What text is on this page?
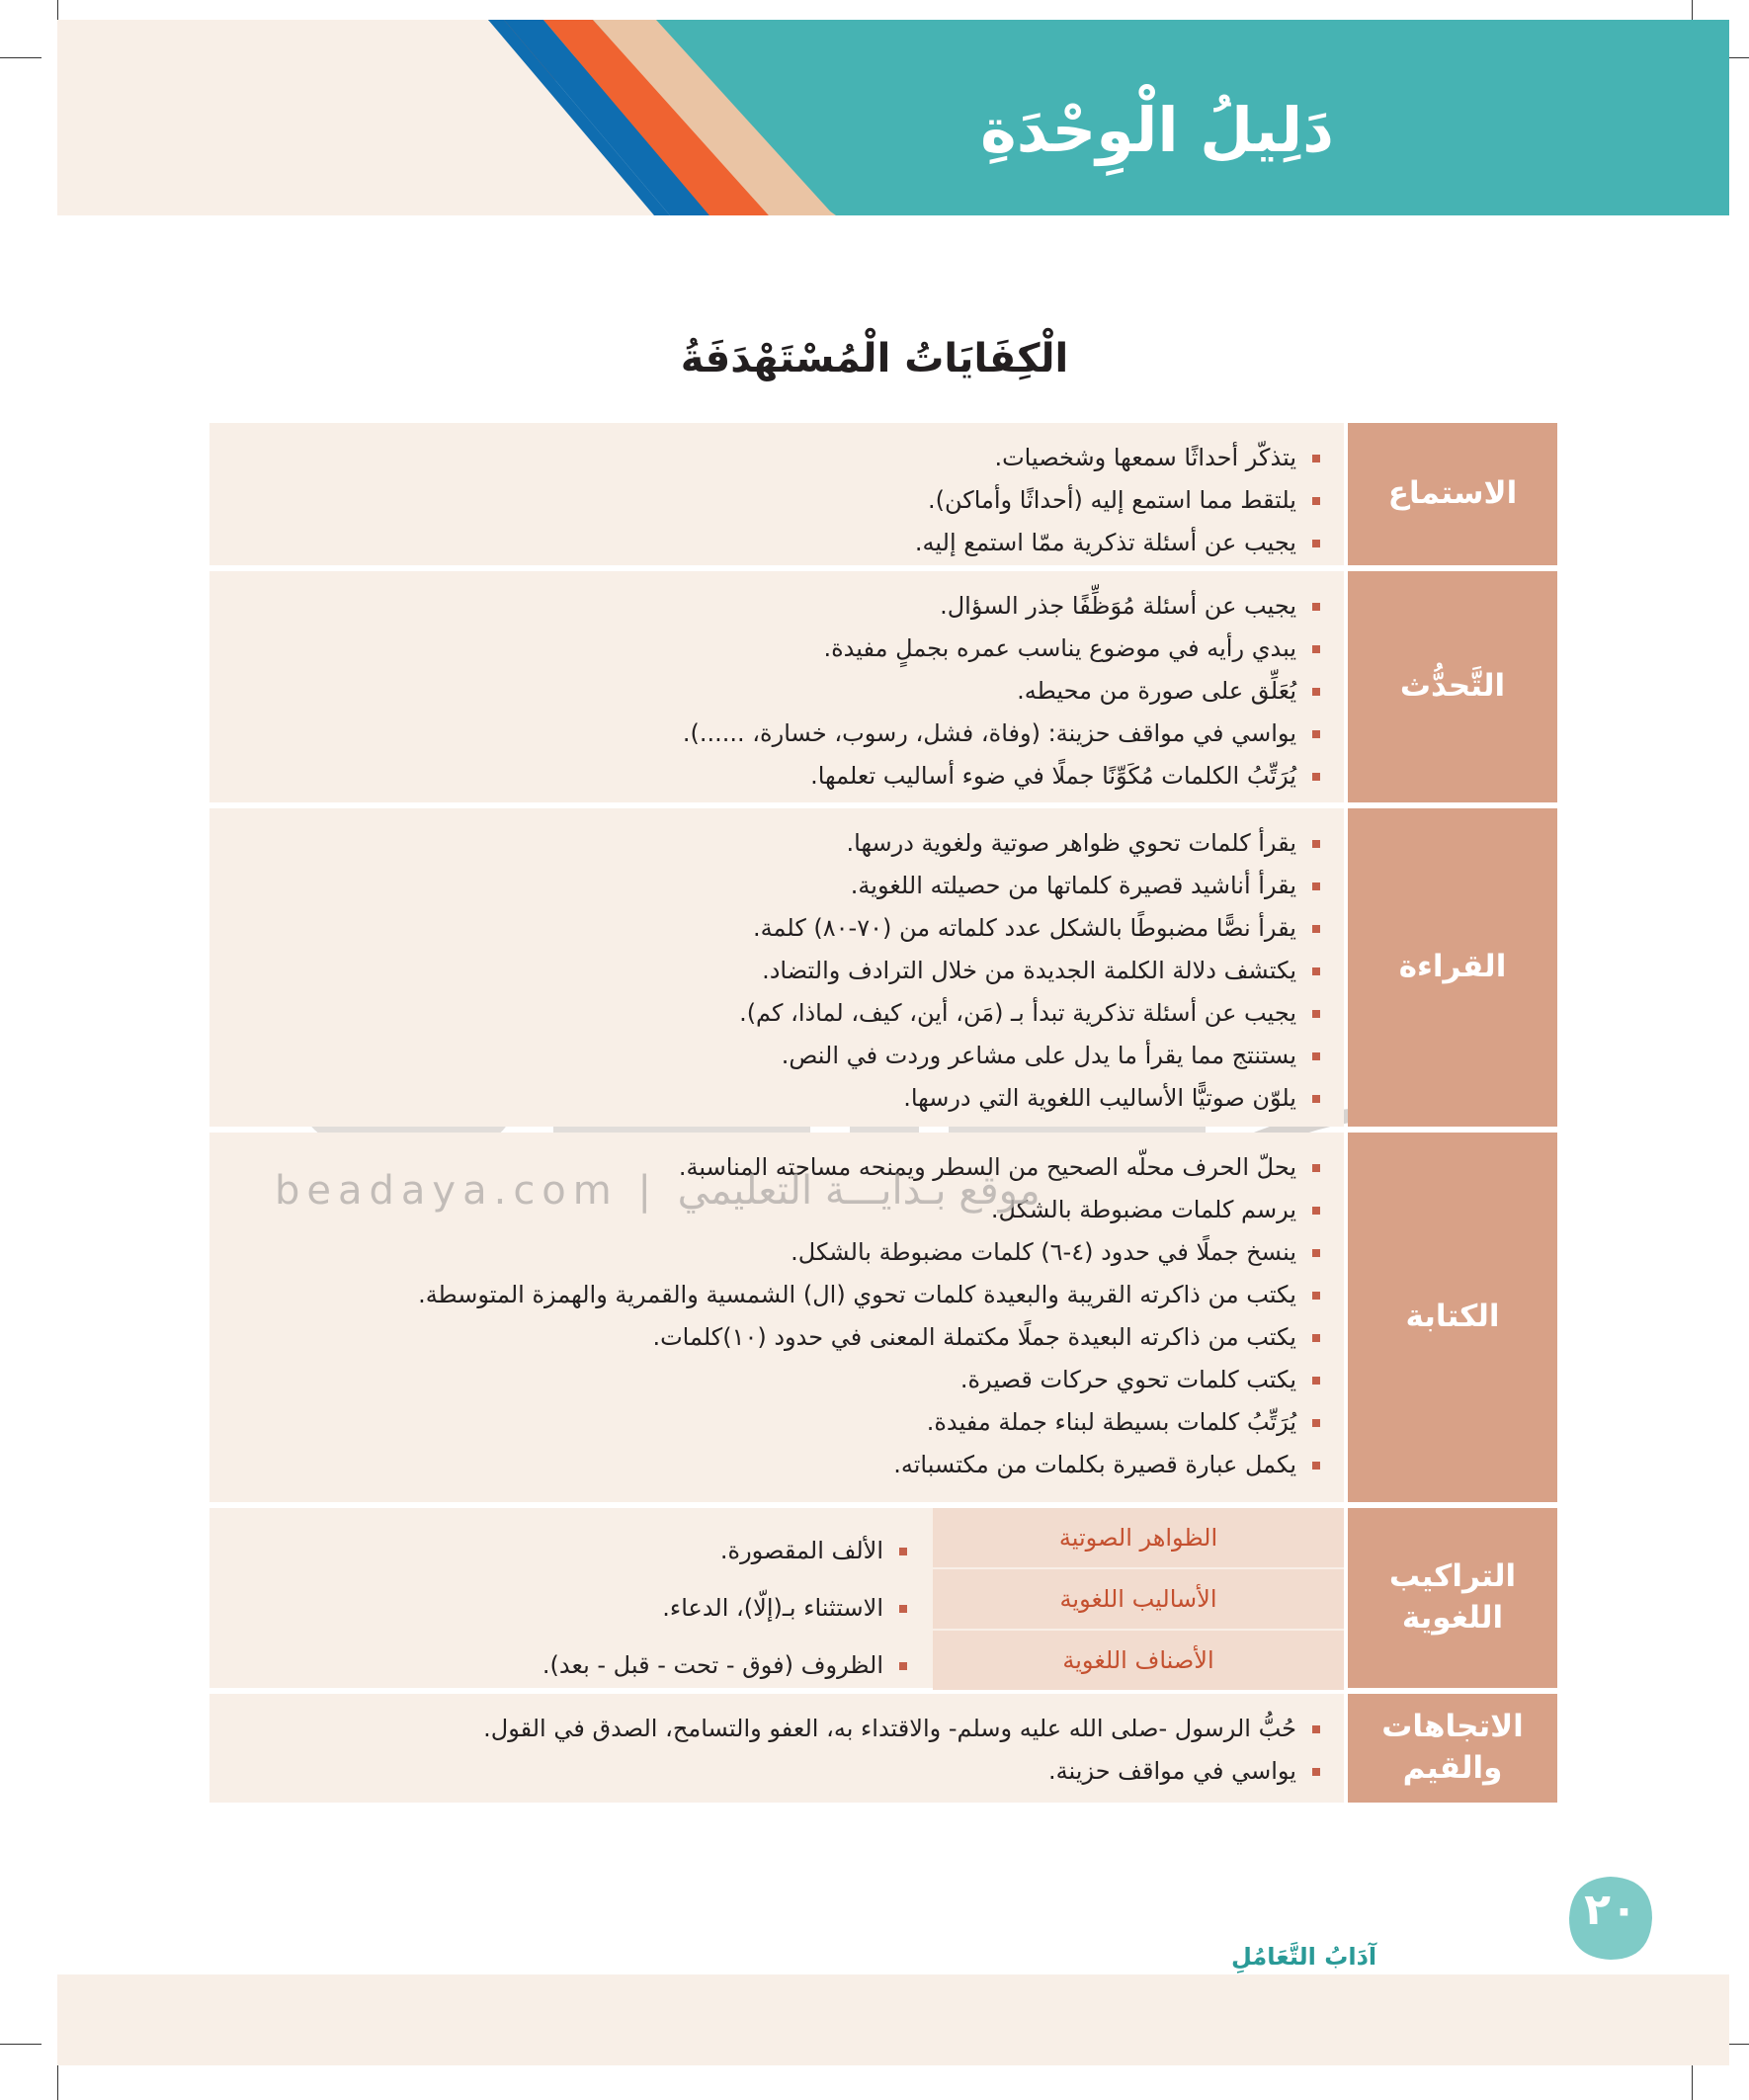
دَلِيلُ الْوِحْدَةِ
الْكِفَايَاتُ الْمُسْتَهْدَفَةُ
يتذكّر أحداثًا سمعها وشخصيات.
يلتقط مما استمع إليه (أحداثًا وأماكن).
يجيب عن أسئلة تذكرية ممّا استمع إليه.
الاستماع
يجيب عن أسئلة مُوَظِّفًا جذر السؤال.
يبدي رأيه في موضوع يناسب عمره بجملٍ مفيدة.
يُعَلِّق على صورة من محيطه.
يواسي في مواقف حزينة: (وفاة، فشل، رسوب، خسارة، ......).
يُرَتِّبُ الكلمات مُكَوِّنًا جملًا في ضوء أساليب تعلمها.
التَّحدُّث
يقرأ كلمات تحوي ظواهر صوتية ولغوية درسها.
يقرأ أناشيد قصيرة كلماتها من حصيلته اللغوية.
يقرأ نصًّا مضبوطًا بالشكل عدد كلماته من (٧٠-٨٠) كلمة.
يكتشف دلالة الكلمة الجديدة من خلال الترادف والتضاد.
يجيب عن أسئلة تذكرية تبدأ بـ (مَن، أين، كيف، لماذا، كم).
يستنتج مما يقرأ ما يدل على مشاعر وردت في النص.
يلوّن صوتيًّا الأساليب اللغوية التي درسها.
القراءة
يحلّ الحرف محلّه الصحيح من السطر ويمنحه مساحته المناسبة.
يرسم كلمات مضبوطة بالشكل.
ينسخ جملًا في حدود (٤-٦) كلمات مضبوطة بالشكل.
يكتب من ذاكرته القريبة والبعيدة كلمات تحوي (ال) الشمسية والقمرية والهمزة المتوسطة.
يكتب من ذاكرته البعيدة جملًا مكتملة المعنى في حدود (١٠)كلمات.
يكتب كلمات تحوي حركات قصيرة.
يُرَتِّبُ كلمات بسيطة لبناء جملة مفيدة.
يكمل عبارة قصيرة بكلمات من مكتسباته.
الكتابة
الظواهر الصوتية
الأساليب اللغوية
الأصناف اللغوية
الألف المقصورة.
الاستثناء بـ(إلّا)، الدعاء.
الظروف (فوق - تحت - قبل - بعد).
التراكيب اللغوية
حُبُّ الرسول -صلى الله عليه وسلم- والاقتداء به، العفو والتسامح، الصدق في القول.
يواسي في مواقف حزينة.
الاتجاهات والقيم
beadaya.com | موقع بـدايـــة التعليمي
٢٠
آدَابُ التَّعَامُلِ
